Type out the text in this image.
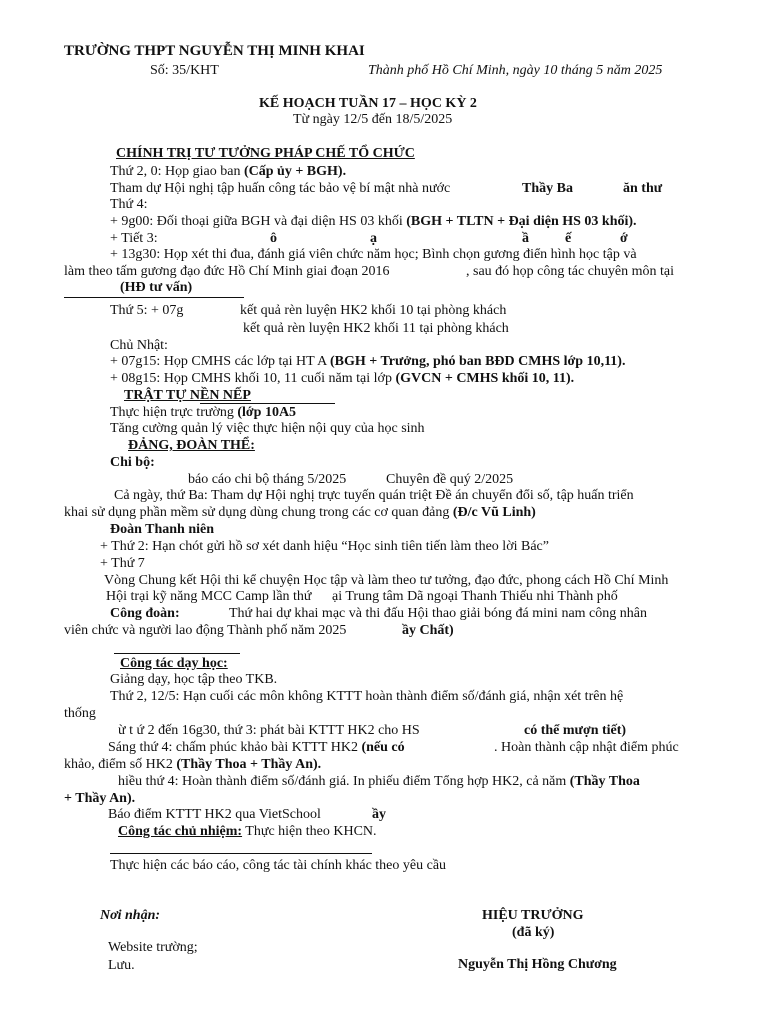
TRƯỜNG THPT NGUYỄN THỊ MINH KHAI
Số: 35/KHT	Thành phố Hồ Chí Minh, ngày 10 tháng 5 năm 2025
KẾ HOẠCH TUẦN 17 – HỌC KỲ 2
Từ ngày 12/5 đến 18/5/2025
CHÍNH TRỊ TƯ TƯỞNG PHÁP CHẾ TỔ CHỨC
Thứ 2, 0: Họp giao ban (Cấp ủy + BGH).
Tham dự Hội nghị tập huấn công tác bảo vệ bí mật nhà nước	Thầy Ba	ăn thư
Thứ 4:
+ 9g00: Đối thoại giữa BGH và đại diện HS 03 khối (BGH + TLTN + Đại diện HS 03 khối).
+ Tiết 3:	ô	ạ	ầ	ế	ớ
+ 13g30: Họp xét thi đua, đánh giá viên chức năm học; Bình chọn gương điển hình học tập và
làm theo tấm gương đạo đức Hồ Chí Minh giai đoạn 2016	, sau đó họp công tác chuyên môn tại
(HĐ tư vấn)
Thứ 5: + 07g	kết quả rèn luyện HK2 khối 10 tại phòng khách
kết quả rèn luyện HK2 khối 11 tại phòng khách
Chủ Nhật:
+ 07g15: Họp CMHS các lớp tại HT A (BGH + Trưởng, phó ban BĐD CMHS lớp 10,11).
+ 08g15: Họp CMHS khối 10, 11 cuối năm tại lớp (GVCN + CMHS khối 10, 11).
TRẬT TỰ NỀN NẾP
Thực hiện trực trường (lớp 10A5
Tăng cường quản lý việc thực hiện nội quy của học sinh
ĐẢNG, ĐOÀN THỂ:
Chi bộ:
báo cáo chi bộ tháng 5/2025	Chuyên đề quý 2/2025
Cả ngày, thứ Ba: Tham dự Hội nghị trực tuyến quán triệt Đề án chuyển đổi số, tập huấn triển
khai sử dụng phần mềm sử dụng dùng chung trong các cơ quan đảng (Đ/c Vũ Linh)
Đoàn Thanh niên
+ Thứ 2: Hạn chót gửi hồ sơ xét danh hiệu “Học sinh tiên tiến làm theo lời Bác”
+ Thứ 7
Vòng Chung kết Hội thi kể chuyện Học tập và làm theo tư tưởng, đạo đức, phong cách Hồ Chí Minh
Hội trại kỹ năng MCC Camp lần thứ ại Trung tâm Dã ngoại Thanh Thiếu nhi Thành phố
Công đoàn:	Thứ hai dự khai mạc và thi đấu Hội thao giải bóng đá mini nam công nhân
viên chức và người lao động Thành phố năm 2025	ầy Chất)
Công tác dạy học:
Giảng dạy, học tập theo TKB.
Thứ 2, 12/5: Hạn cuối các môn không KTTT hoàn thành điểm số/đánh giá, nhận xét trên hệ
thống
ừ t ứ 2 đến 16g30, thứ 3: phát bài KTTT HK2 cho HS	có thể mượn tiết)
Sáng thứ 4: chấm phúc khảo bài KTTT HK2 (nếu có	. Hoàn thành cập nhật điểm phúc
khảo, điểm số HK2 (Thầy Thoa + Thầy An).
hiều thứ 4: Hoàn thành điểm số/đánh giá. In phiếu điểm Tổng hợp HK2, cả năm (Thầy Thoa
+ Thầy An).
Báo điểm KTTT HK2 qua VietSchool	ầy
Công tác chủ nhiệm: Thực hiện theo KHCN.
Thực hiện các báo cáo, công tác tài chính khác theo yêu cầu
Nơi nhận:
Website trường;
Lưu.
HIỆU TRƯỞNG
(đã ký)
Nguyễn Thị Hồng Chương
